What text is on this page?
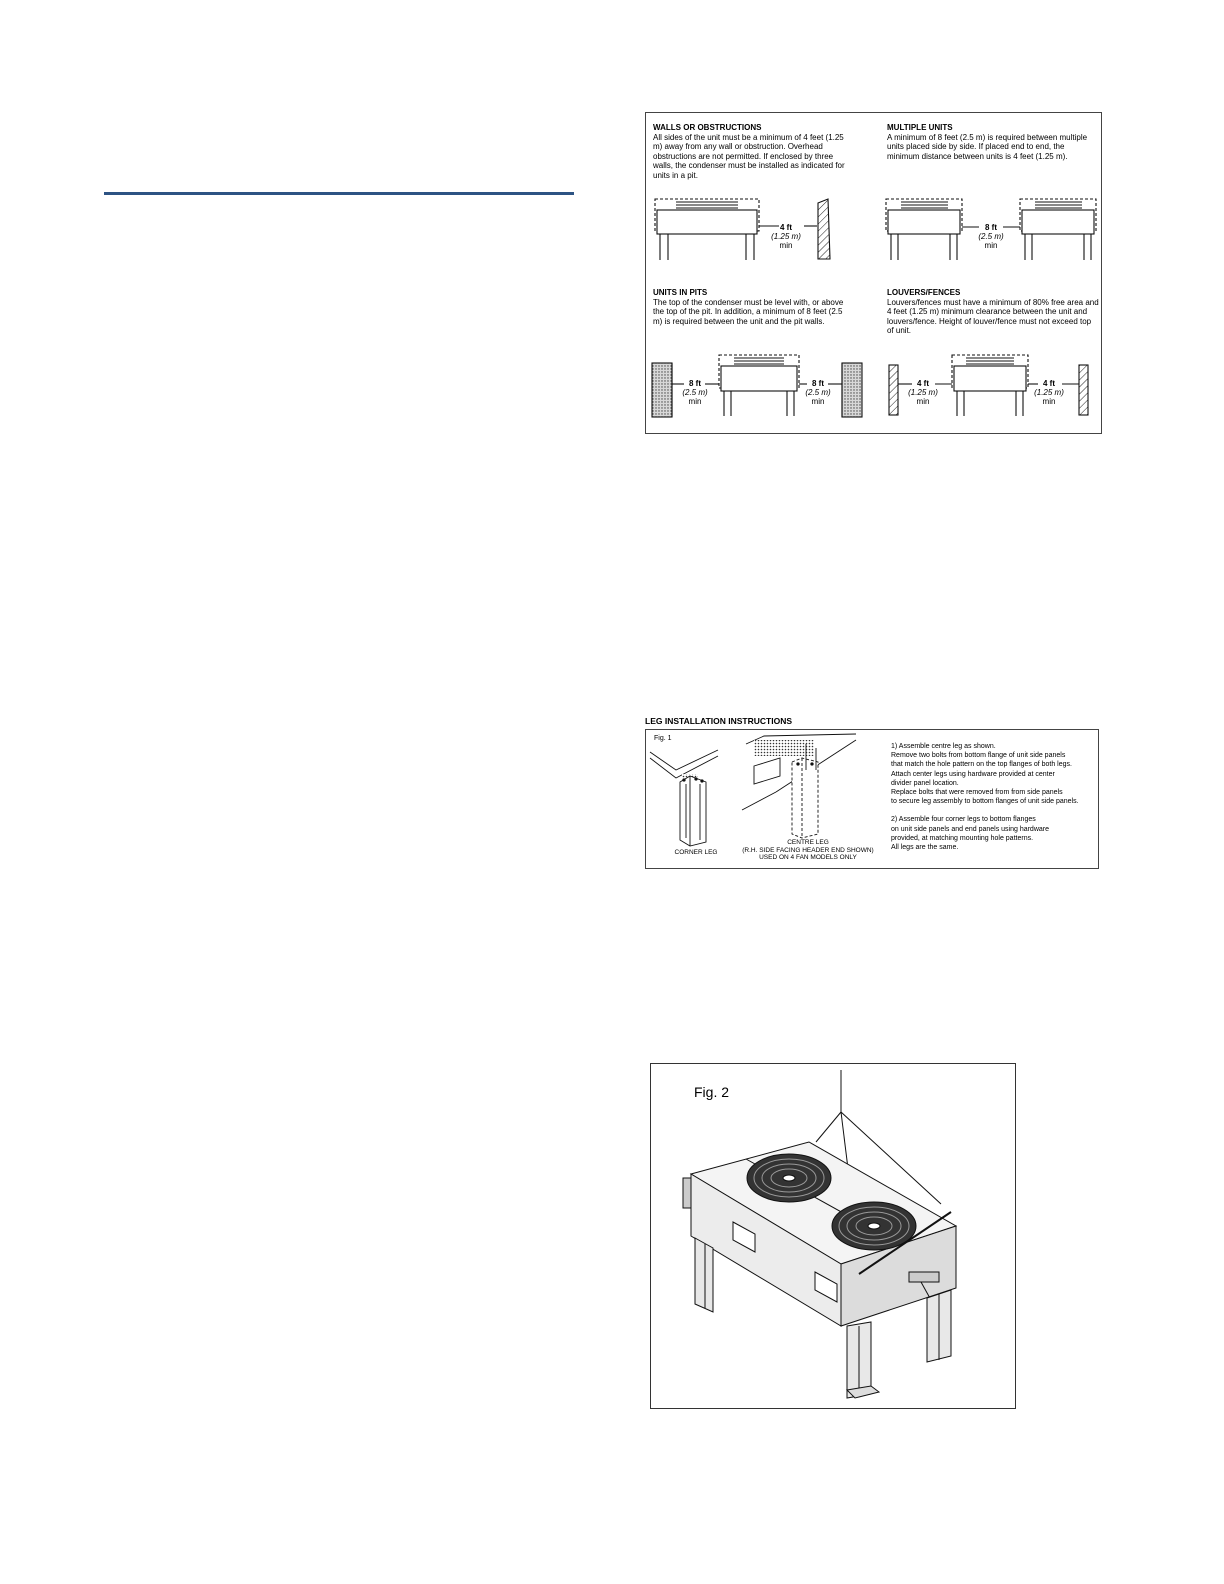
WALLS OR OBSTRUCTIONS
All sides of the unit must be a minimum of 4 feet (1.25 m) away from any wall or obstruction. Overhead obstructions are not permitted. If enclosed by three walls, the condenser must be installed as indicated for units in a pit.
MULTIPLE UNITS
A minimum of 8 feet (2.5 m) is required between multiple units placed side by side. If placed end to end, the minimum distance between units is 4 feet (1.25 m).
UNITS IN PITS
The top of the condenser must be level with, or above the top of the pit. In addition, a minimum of 8 feet (2.5 m) is required between the unit and the pit walls.
LOUVERS/FENCES
Louvers/fences must have a minimum of 80% free area and 4 feet (1.25 m) minimum clearance between the unit and louvers/fence. Height of louver/fence must not exceed top of unit.
4 ft
(1.25 m)
min
8 ft
(2.5 m)
min
8 ft
(2.5 m)
min
8 ft
(2.5 m)
min
4 ft
(1.25 m)
min
4 ft
(1.25 m)
min
LEG INSTALLATION INSTRUCTIONS
Fig. 1
CORNER LEG
CENTRE LEG
(R.H. SIDE FACING HEADER END SHOWN)
USED ON 4 FAN MODELS ONLY

1) Assemble centre leg as shown.

Remove two bolts from bottom flange of unit side panels

that match the hole pattern on the top flanges of both legs.

Attach center legs using hardware provided at center

divider panel location.

Replace bolts that were removed from from side panels

to secure leg assembly to bottom flanges of unit side panels.

2) Assemble four corner legs to bottom flanges

on unit side panels and end panels using hardware

provided, at matching mounting hole patterns.

All legs are the same.

Fig. 2
